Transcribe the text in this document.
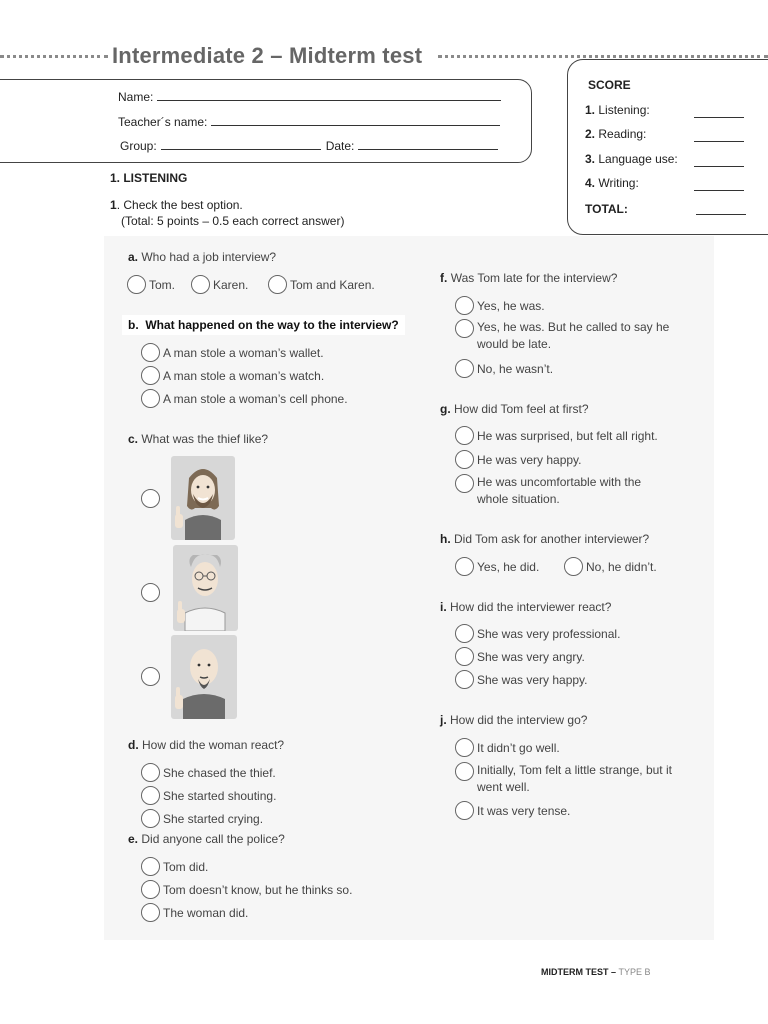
Intermediate 2 – Midterm test
Name:
Teacher´s name:
Group:	Date:
SCORE
1. Listening:
2. Reading:
3. Language use:
4. Writing:
TOTAL:
1. LISTENING
1. Check the best option.
(Total: 5 points – 0.5 each correct answer)
a. Who had a job interview?
Tom.	Karen.	Tom and Karen.
b. What happened on the way to the interview?
A man stole a woman’s wallet.
A man stole a woman’s watch.
A man stole a woman’s cell phone.
c. What was the thief like?
d. How did the woman react?
She chased the thief.
She started shouting.
She started crying.
e. Did anyone call the police?
Tom did.
Tom doesn’t know, but he thinks so.
The woman did.
f. Was Tom late for the interview?
Yes, he was.
Yes, he was. But he called to say he would be late.
No, he wasn’t.
g. How did Tom feel at first?
He was surprised, but felt all right.
He was very happy.
He was uncomfortable with the whole situation.
h. Did Tom ask for another interviewer?
Yes, he did.	No, he didn’t.
i. How did the interviewer react?
She was very professional.
She was very angry.
She was very happy.
j. How did the interview go?
It didn’t go well.
Initially, Tom felt a little strange, but it went well.
It was very tense.
MIDTERM TEST – TYPE B
